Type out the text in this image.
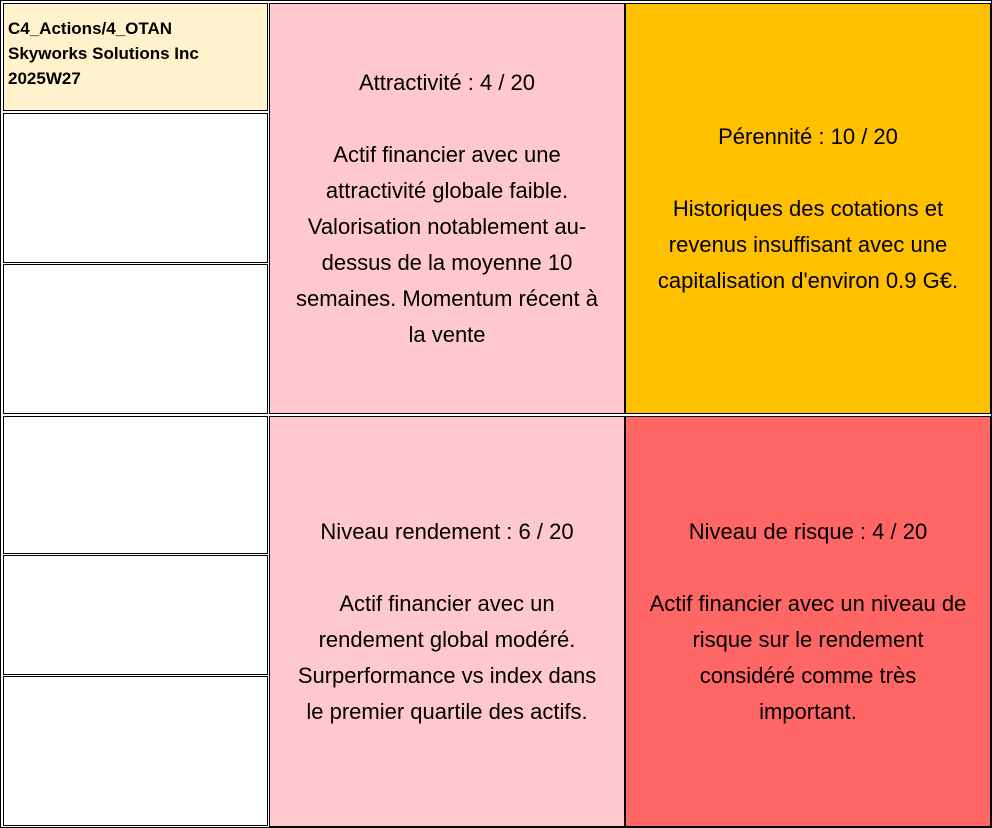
C4_Actions/4_OTAN
Skyworks Solutions Inc
2025W27	Attractivité : 4 / 20
Actif financier avec une
attractivité globale faible.
Valorisation notablement au-
dessus de la moyenne 10
semaines. Momentum récent à
la vente
Pérennité : 10 / 20
Historiques des cotations et
revenus insuffisant avec une
capitalisation d'environ 0.9 G€.
Niveau rendement : 6 / 20
Actif financier avec un
rendement global modéré.
Surperformance vs index dans
le premier quartile des actifs.
Niveau de risque : 4 / 20
Actif financier avec un niveau de
risque sur le rendement
considéré comme très
important.
